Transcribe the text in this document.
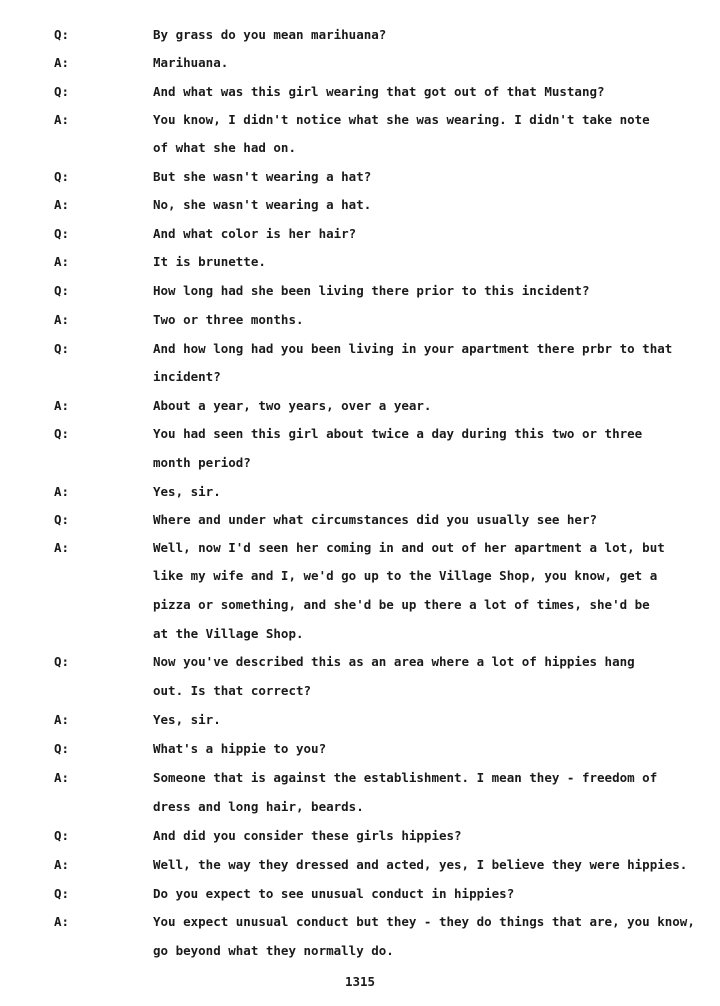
Q:	By grass do you mean marihuana?
A:	Marihuana.
Q:	And what was this girl wearing that got out of that Mustang?
A:	You know, I didn't notice what she was wearing. I didn't take note
of what she had on.
Q:	But she wasn't wearing a hat?
A:	No, she wasn't wearing a hat.
Q:	And what color is her hair?
A:	It is brunette.
Q:	How long had she been living there prior to this incident?
A:	Two or three months.
Q:	And how long had you been living in your apartment there prbr to that
incident?
A:	About a year, two years, over a year.
Q:	You had seen this girl about twice a day during this two or three
month period?
A:	Yes, sir.
Q:	Where and under what circumstances did you usually see her?
A:	Well, now I'd seen her coming in and out of her apartment a lot, but
like my wife and I, we'd go up to the Village Shop, you know, get a
pizza or something, and she'd be up there a lot of times, she'd be
at the Village Shop.
Q:	Now you've described this as an area where a lot of hippies hang
out. Is that correct?
A:	Yes, sir.
Q:	What's a hippie to you?
A:	Someone that is against the establishment. I mean they - freedom of
dress and long hair, beards.
Q:	And did you consider these girls hippies?
A:	Well, the way they dressed and acted, yes, I believe they were hippies.
Q:	Do you expect to see unusual conduct in hippies?
A:	You expect unusual conduct but they - they do things that are, you know,
go beyond what they normally do.
1315
